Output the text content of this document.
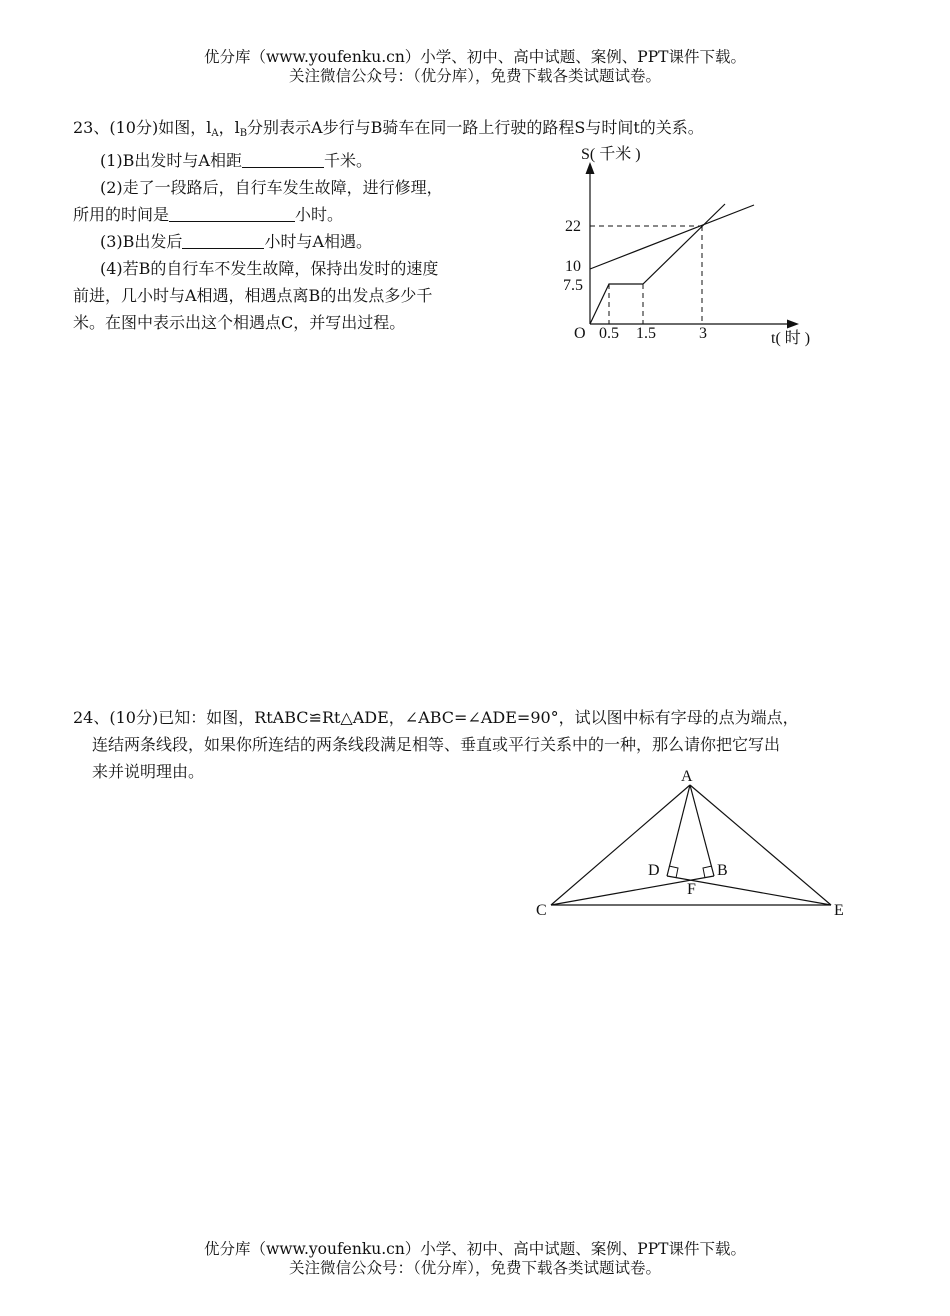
优分库（www.youfenku.cn）小学、初中、高中试题、案例、PPT课件下载。
关注微信公众号：（优分库），免费下载各类试题试卷。
23、(10分)如图，$l_A$，$l_B$分别表示A步行与B骑车在同一路上行驶的路程S与时间t的关系。
(1)B出发时与A相距	千米。
(2)走了一段路后，自行车发生故障，进行修理，
所用的时间是	小时。
(3)B出发后	小时与A相遇。
(4)若B的自行车不发生故障，保持出发时的速度
前进，几小时与A相遇，相遇点离B的出发点多少千
米。在图中表示出这个相遇点C，并写出过程。
S( 千米 )
t( 时 )
O
22
10
7.5
0.5 1.5	3
24、(10分)已知：如图，RtABC≌Rt△ADE，∠ABC=∠ADE=90°，试以图中标有字母的点为端点，
连结两条线段，如果你所连结的两条线段满足相等、垂直或平行关系中的一种，那么请你把它写出
来并说明理由。	A
D	B
F
C	E
优分库（www.youfenku.cn）小学、初中、高中试题、案例、PPT课件下载。
关注微信公众号：（优分库），免费下载各类试题试卷。
